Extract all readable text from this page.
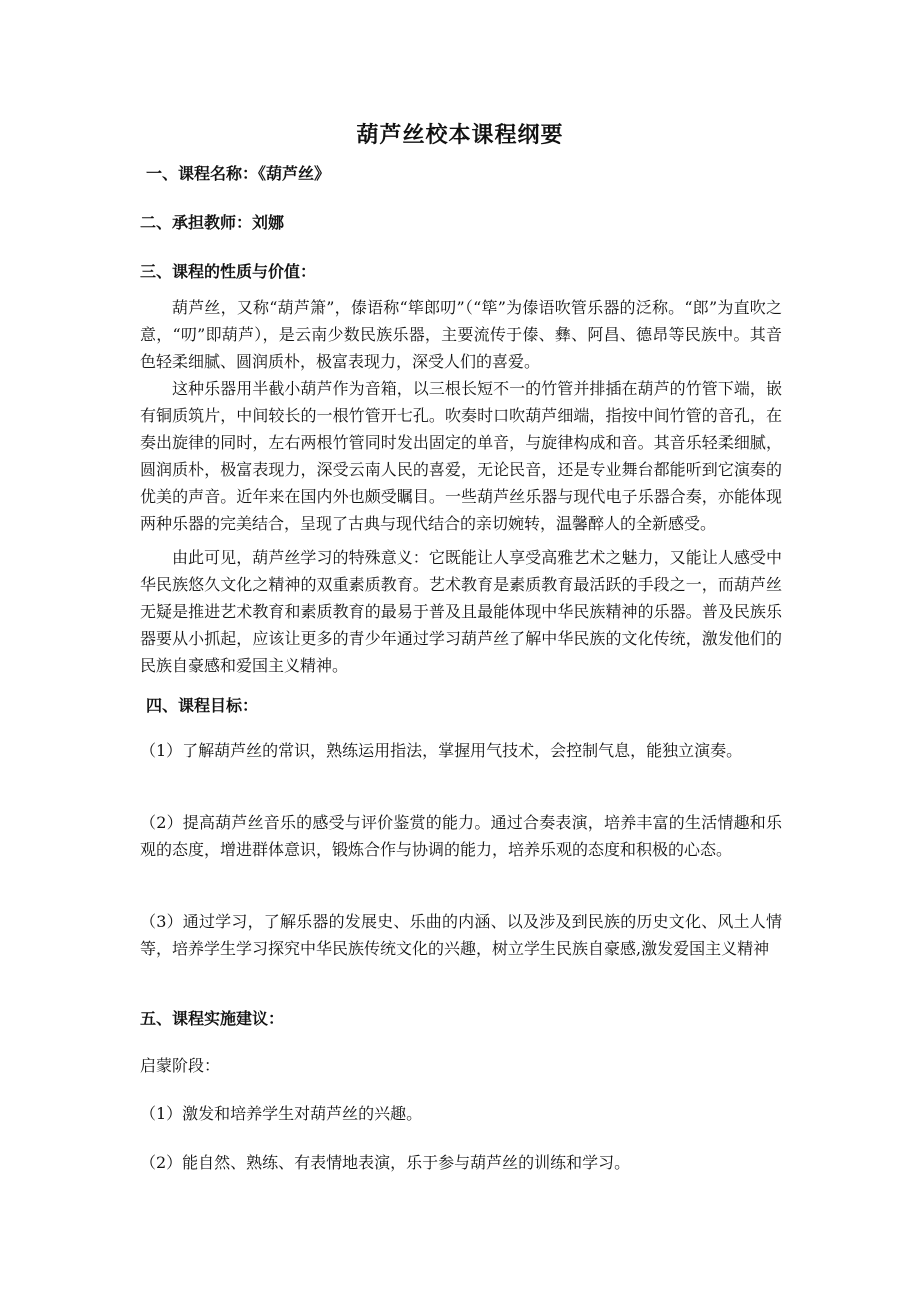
葫芦丝校本课程纲要
一、课程名称：《葫芦丝》
二、承担教师：刘娜
三、课程的性质与价值：
葫芦丝，又称“葫芦箫”，傣语称“筚郎叨”（“筚”为傣语吹管乐器的泛称。“郎”为直吹之意，“叨”即葫芦），是云南少数民族乐器，主要流传于傣、彝、阿昌、德昂等民族中。其音色轻柔细腻、圆润质朴，极富表现力，深受人们的喜爱。
这种乐器用半截小葫芦作为音箱，以三根长短不一的竹管并排插在葫芦的竹管下端，嵌有铜质筑片，中间较长的一根竹管开七孔。吹奏时口吹葫芦细端，指按中间竹管的音孔，在奏出旋律的同时，左右两根竹管同时发出固定的单音，与旋律构成和音。其音乐轻柔细腻，圆润质朴，极富表现力，深受云南人民的喜爱，无论民音，还是专业舞台都能听到它演奏的优美的声音。近年来在国内外也颇受瞩目。一些葫芦丝乐器与现代电子乐器合奏，亦能体现两种乐器的完美结合，呈现了古典与现代结合的亲切婉转，温馨醉人的全新感受。
由此可见，葫芦丝学习的特殊意义：它既能让人享受高雅艺术之魅力，又能让人感受中华民族悠久文化之精神的双重素质教育。艺术教育是素质教育最活跃的手段之一，而葫芦丝无疑是推进艺术教育和素质教育的最易于普及且最能体现中华民族精神的乐器。普及民族乐器要从小抓起，应该让更多的青少年通过学习葫芦丝了解中华民族的文化传统，激发他们的民族自豪感和爱国主义精神。
四、课程目标：
（1）了解葫芦丝的常识，熟练运用指法，掌握用气技术，会控制气息，能独立演奏。
（2）提高葫芦丝音乐的感受与评价鉴赏的能力。通过合奏表演，培养丰富的生活情趣和乐观的态度，增进群体意识，锻炼合作与协调的能力，培养乐观的态度和积极的心态。
（3）通过学习，了解乐器的发展史、乐曲的内涵、以及涉及到民族的历史文化、风土人情等，培养学生学习探究中华民族传统文化的兴趣，树立学生民族自豪感,激发爱国主义精神
五、课程实施建议：
启蒙阶段：
（1）激发和培养学生对葫芦丝的兴趣。
（2）能自然、熟练、有表情地表演，乐于参与葫芦丝的训练和学习。
